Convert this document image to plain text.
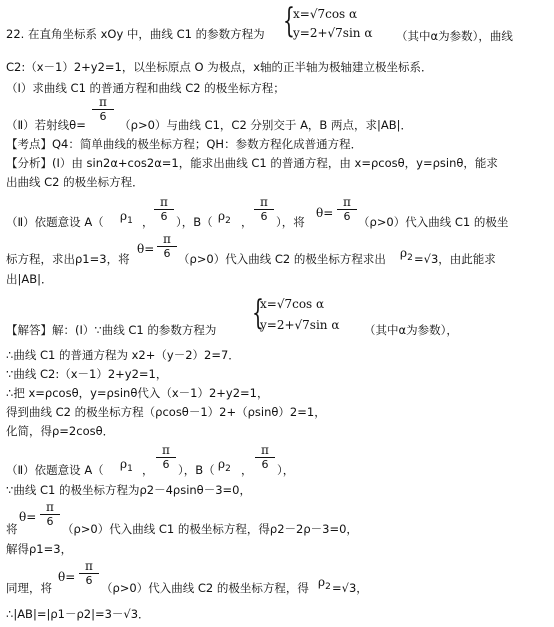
22. 在直角坐标系 xOy 中，曲线 C1 的参数方程为 {
x=√7cos α
y=2+√7sin α （其中α为参数），曲线
C2:（x－1）2+y2=1，以坐标原点 O 为极点，x轴的正半轴为极轴建立极坐标系．
（Ⅰ）求曲线 C1 的普通方程和曲线 C2 的极坐标方程；
（Ⅱ）若射线θ=	（ρ>0）与曲线 C1，C2 分别交于 A，B 两点，求|AB|．
$\frac{\pi}{6}$
【考点】Q4：简单曲线的极坐标方程；QH：参数方程化成普通方程．
【分析】(Ⅰ）由 sin2α+cos2α=1，能求出曲线 C1 的普通方程，由 x=ρcosθ，y=ρsinθ，能求
出曲线 C2 的极坐标方程．
（Ⅱ）依题意设 A（ $\rho_1$ ， $\frac{\pi}{6}$ ），B（ $\rho_2$ ， $\frac{\pi}{6}$ ），将
$\theta= \frac{\pi}{6} (\rho>0)$代入曲线 C1 的极坐
标方程，求出ρ1=3，将
$\theta= \frac{\pi}{6} (\rho>0)$代入曲线 C2 的极坐标方程求出 $\rho_2 =√3$，由此能求
出|AB|．
【解答】解：(Ⅰ）∵曲线 C1 的参数方程为 {
x=√7cos α
y=2+√7sin α （其中α为参数），
∴曲线 C1 的普通方程为 x2+（y－2）2=7．
∵曲线 C2:（x－1）2+y2=1，
∴把 x=ρcosθ，y=ρsinθ代入（x－1）2+y2=1，
得到曲线 C2 的极坐标方程（ρcosθ－1）2+（ρsinθ）2=1，
化简，得ρ=2cosθ．
（Ⅱ）依题意设 A（ $\rho_1$ ， $\frac{\pi}{6}$ ），B（ $\rho_2$ ， $\frac{\pi}{6}$ ），
∵曲线 C1 的极坐标方程为ρ2－4ρsinθ－3=0，
将
$\theta= \frac{\pi}{6}$
（ρ>0）代入曲线 C1 的极坐标方程，得ρ2－2ρ－3=0，
解得ρ1=3，
同理，将
$\theta= \frac{\pi}{6}$
（ρ>0）代入曲线 C2 的极坐标方程，得 $\rho_2 =√3$，
∴|AB|=|ρ1－ρ2|=3－√3．
